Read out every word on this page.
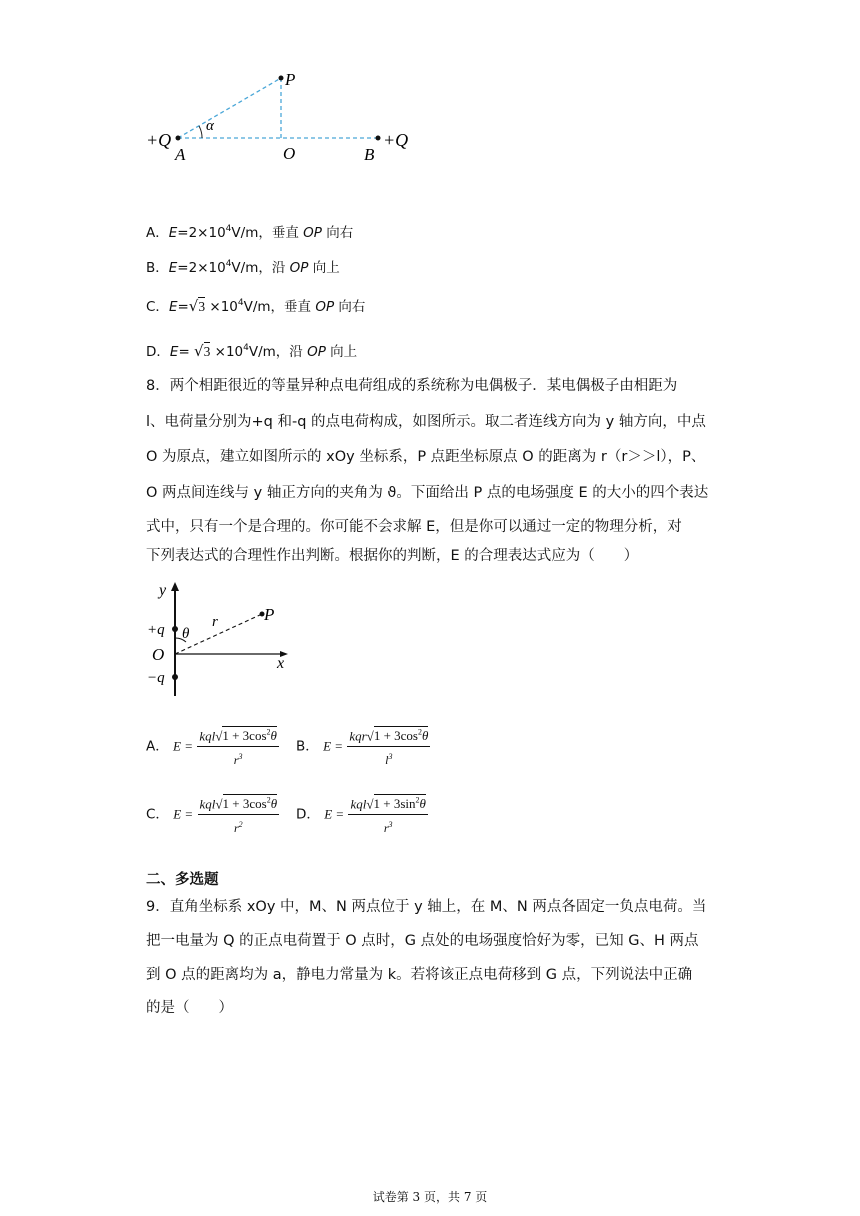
P
α
+Q
A	O	B
+Q
A．$E=2\times 10^4V/m$，垂直 OP 向右
B．$E=2\times 10^4V/m$，沿 OP 向上
C．$E=√3 \times 10^4V/m$，垂直 OP 向右
D．$E= √3 \times 10^4V/m$，沿 OP 向上
8．两个相距很近的等量异种点电荷组成的系统称为电偶极子．某电偶极子由相距为
l、电荷量分别为+q 和-q 的点电荷构成，如图所示。取二者连线方向为 y 轴方向，中点
O 为原点，建立如图所示的 xOy 坐标系，P 点距坐标原点 O 的距离为 r（r＞＞l），P、
O 两点间连线与 y 轴正方向的夹角为 ϑ。下面给出 P 点的电场强度 E 的大小的四个表达
式中，只有一个是合理的。你可能不会求解 E，但是你可以通过一定的物理分析，对
下列表达式的合理性作出判断。根据你的判断，E 的合理表达式应为（　　）
y
+q θ
r	P
O	x
−q
A． $E = \frac{kql√1 + 3\cos^2\theta}{r^3}$ B． $E = \frac{kqr√1 + 3\cos^2\theta}{l^3}$
C． $E = \frac{kql√1 + 3\cos^2\theta}{r^2}$ D． $E = \frac{kql√1 + 3\sin^2\theta}{r^3}$
二、多选题
9．直角坐标系 xOy 中，M、N 两点位于 y 轴上，在 M、N 两点各固定一负点电荷。当
把一电量为 Q 的正点电荷置于 O 点时，G 点处的电场强度恰好为零，已知 G、H 两点
到 O 点的距离均为 a，静电力常量为 k。若将该正点电荷移到 G 点，下列说法中正确
的是（　　）
试卷第 3 页，共 7 页
